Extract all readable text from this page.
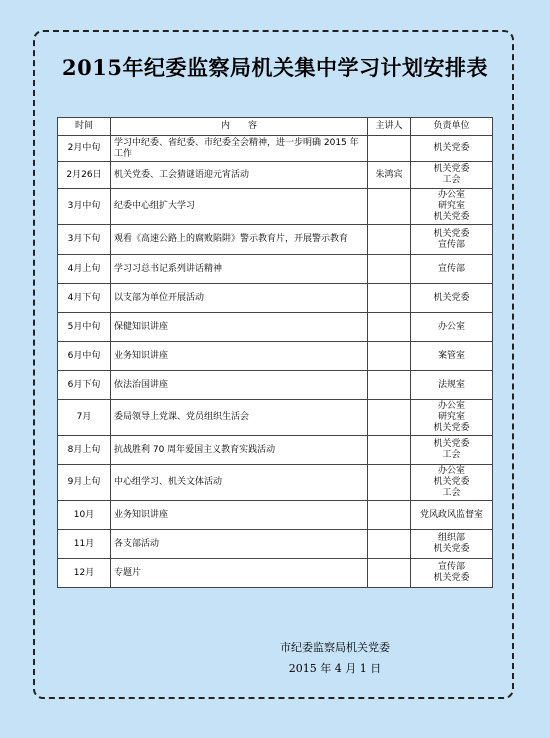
2015年纪委监察局机关集中学习计划安排表
时间	内　　容	主讲人	负责单位
2月中旬	学习中纪委、省纪委、市纪委全会精神，进一步明确 2015 年工作		机关党委
2月26日	机关党委、工会猜谜语迎元宵活动	朱鸿宾	机关党委
工会
3月中旬	纪委中心组扩大学习		办公室
研究室
机关党委
3月下旬	观看《高速公路上的腐败陷阱》警示教育片，开展警示教育		机关党委
宣传部
4月上旬	学习习总书记系列讲话精神		宣传部
4月下旬	以支部为单位开展活动		机关党委
5月中旬	保健知识讲座		办公室
6月中旬	业务知识讲座		案管室
6月下旬	依法治国讲座		法规室
7月	委局领导上党课、党员组织生活会		办公室
研究室
机关党委
8月上旬	抗战胜利 70 周年爱国主义教育实践活动		机关党委
工会
9月上旬	中心组学习、机关文体活动		办公室
机关党委
工会
10月	业务知识讲座		党风政风监督室
11月	各支部活动		组织部
机关党委
12月	专题片		宣传部
机关党委
市纪委监察局机关党委
2015 年 4 月 1 日
